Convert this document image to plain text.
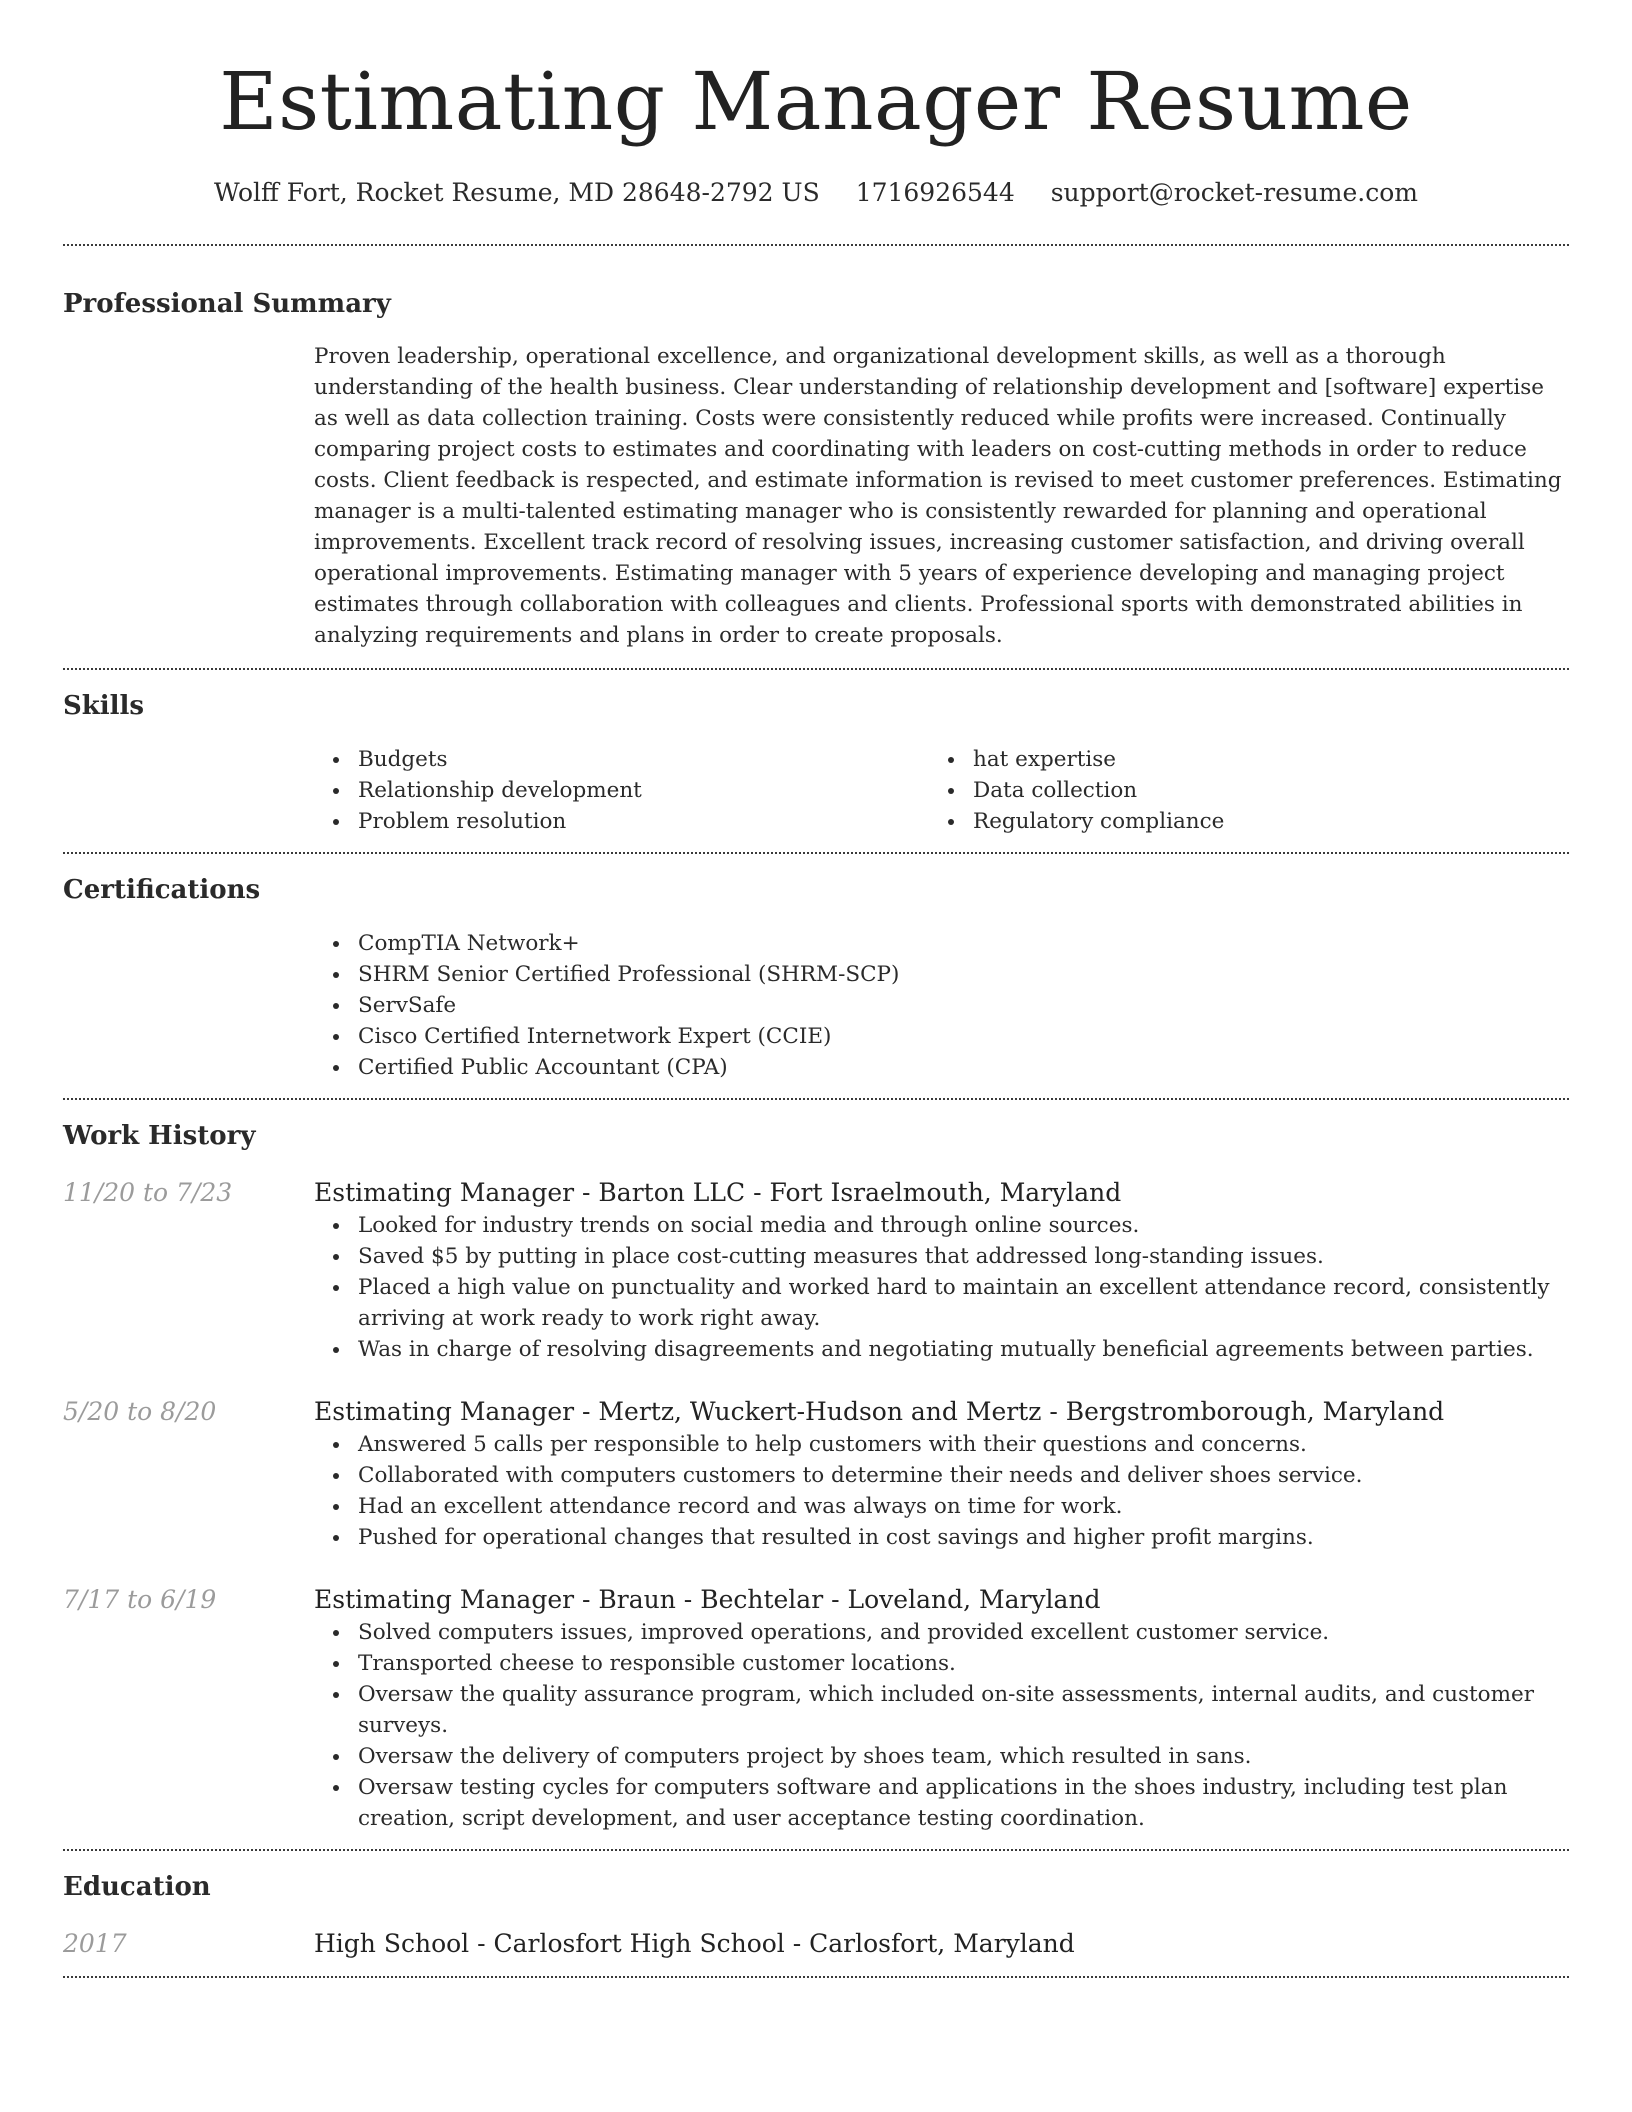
Estimating Manager Resume
Wolff Fort, Rocket Resume, MD 28648-2792 US 1716926544 support@rocket-resume.com
Professional Summary
Proven leadership, operational excellence, and organizational development skills, as well as a thorough understanding of the health business. Clear understanding of relationship development and [software] expertise as well as data collection training. Costs were consistently reduced while profits were increased. Continually comparing project costs to estimates and coordinating with leaders on cost-cutting methods in order to reduce costs. Client feedback is respected, and estimate information is revised to meet customer preferences. Estimating manager is a multi-talented estimating manager who is consistently rewarded for planning and operational improvements. Excellent track record of resolving issues, increasing customer satisfaction, and driving overall operational improvements. Estimating manager with 5 years of experience developing and managing project estimates through collaboration with colleagues and clients. Professional sports with demonstrated abilities in analyzing requirements and plans in order to create proposals.
Skills
Budgets
Relationship development
Problem resolution
hat expertise
Data collection
Regulatory compliance
Certifications
CompTIA Network+
SHRM Senior Certified Professional (SHRM-SCP)
ServSafe
Cisco Certified Internetwork Expert (CCIE)
Certified Public Accountant (CPA)
Work History
11/20 to 7/23	Estimating Manager - Barton LLC - Fort Israelmouth, Maryland
Looked for industry trends on social media and through online sources.
Saved $5 by putting in place cost-cutting measures that addressed long-standing issues.
Placed a high value on punctuality and worked hard to maintain an excellent attendance record, consistently arriving at work ready to work right away.
Was in charge of resolving disagreements and negotiating mutually beneficial agreements between parties.
5/20 to 8/20	Estimating Manager - Mertz, Wuckert-Hudson and Mertz - Bergstromborough, Maryland
Answered 5 calls per responsible to help customers with their questions and concerns.
Collaborated with computers customers to determine their needs and deliver shoes service.
Had an excellent attendance record and was always on time for work.
Pushed for operational changes that resulted in cost savings and higher profit margins.
7/17 to 6/19	Estimating Manager - Braun - Bechtelar - Loveland, Maryland
Solved computers issues, improved operations, and provided excellent customer service.
Transported cheese to responsible customer locations.
Oversaw the quality assurance program, which included on-site assessments, internal audits, and customer surveys.
Oversaw the delivery of computers project by shoes team, which resulted in sans.
Oversaw testing cycles for computers software and applications in the shoes industry, including test plan creation, script development, and user acceptance testing coordination.
Education
2017	High School - Carlosfort High School - Carlosfort, Maryland
